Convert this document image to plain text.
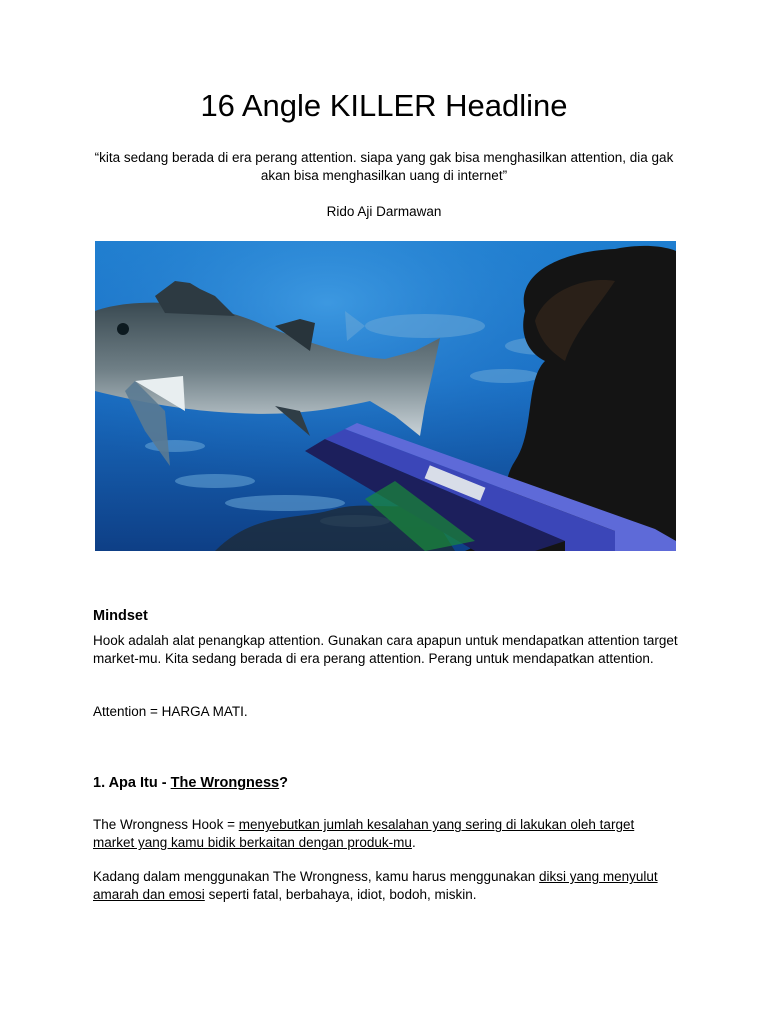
16 Angle KILLER Headline

“kita sedang berada di era perang attention. siapa yang gak bisa menghasilkan attention, dia gak akan bisa menghasilkan uang di internet”

Rido Aji Darmawan

Mindset

Hook adalah alat penangkap attention. Gunakan cara apapun untuk mendapatkan attention target market-mu. Kita sedang berada di era perang attention. Perang untuk mendapatkan attention.

Attention = HARGA MATI.

1. Apa Itu - The Wrongness?

The Wrongness Hook = menyebutkan jumlah kesalahan yang sering di lakukan oleh target market yang kamu bidik berkaitan dengan produk-mu.

Kadang dalam menggunakan The Wrongness, kamu harus menggunakan diksi yang menyulut amarah dan emosi seperti fatal, berbahaya, idiot, bodoh, miskin.
